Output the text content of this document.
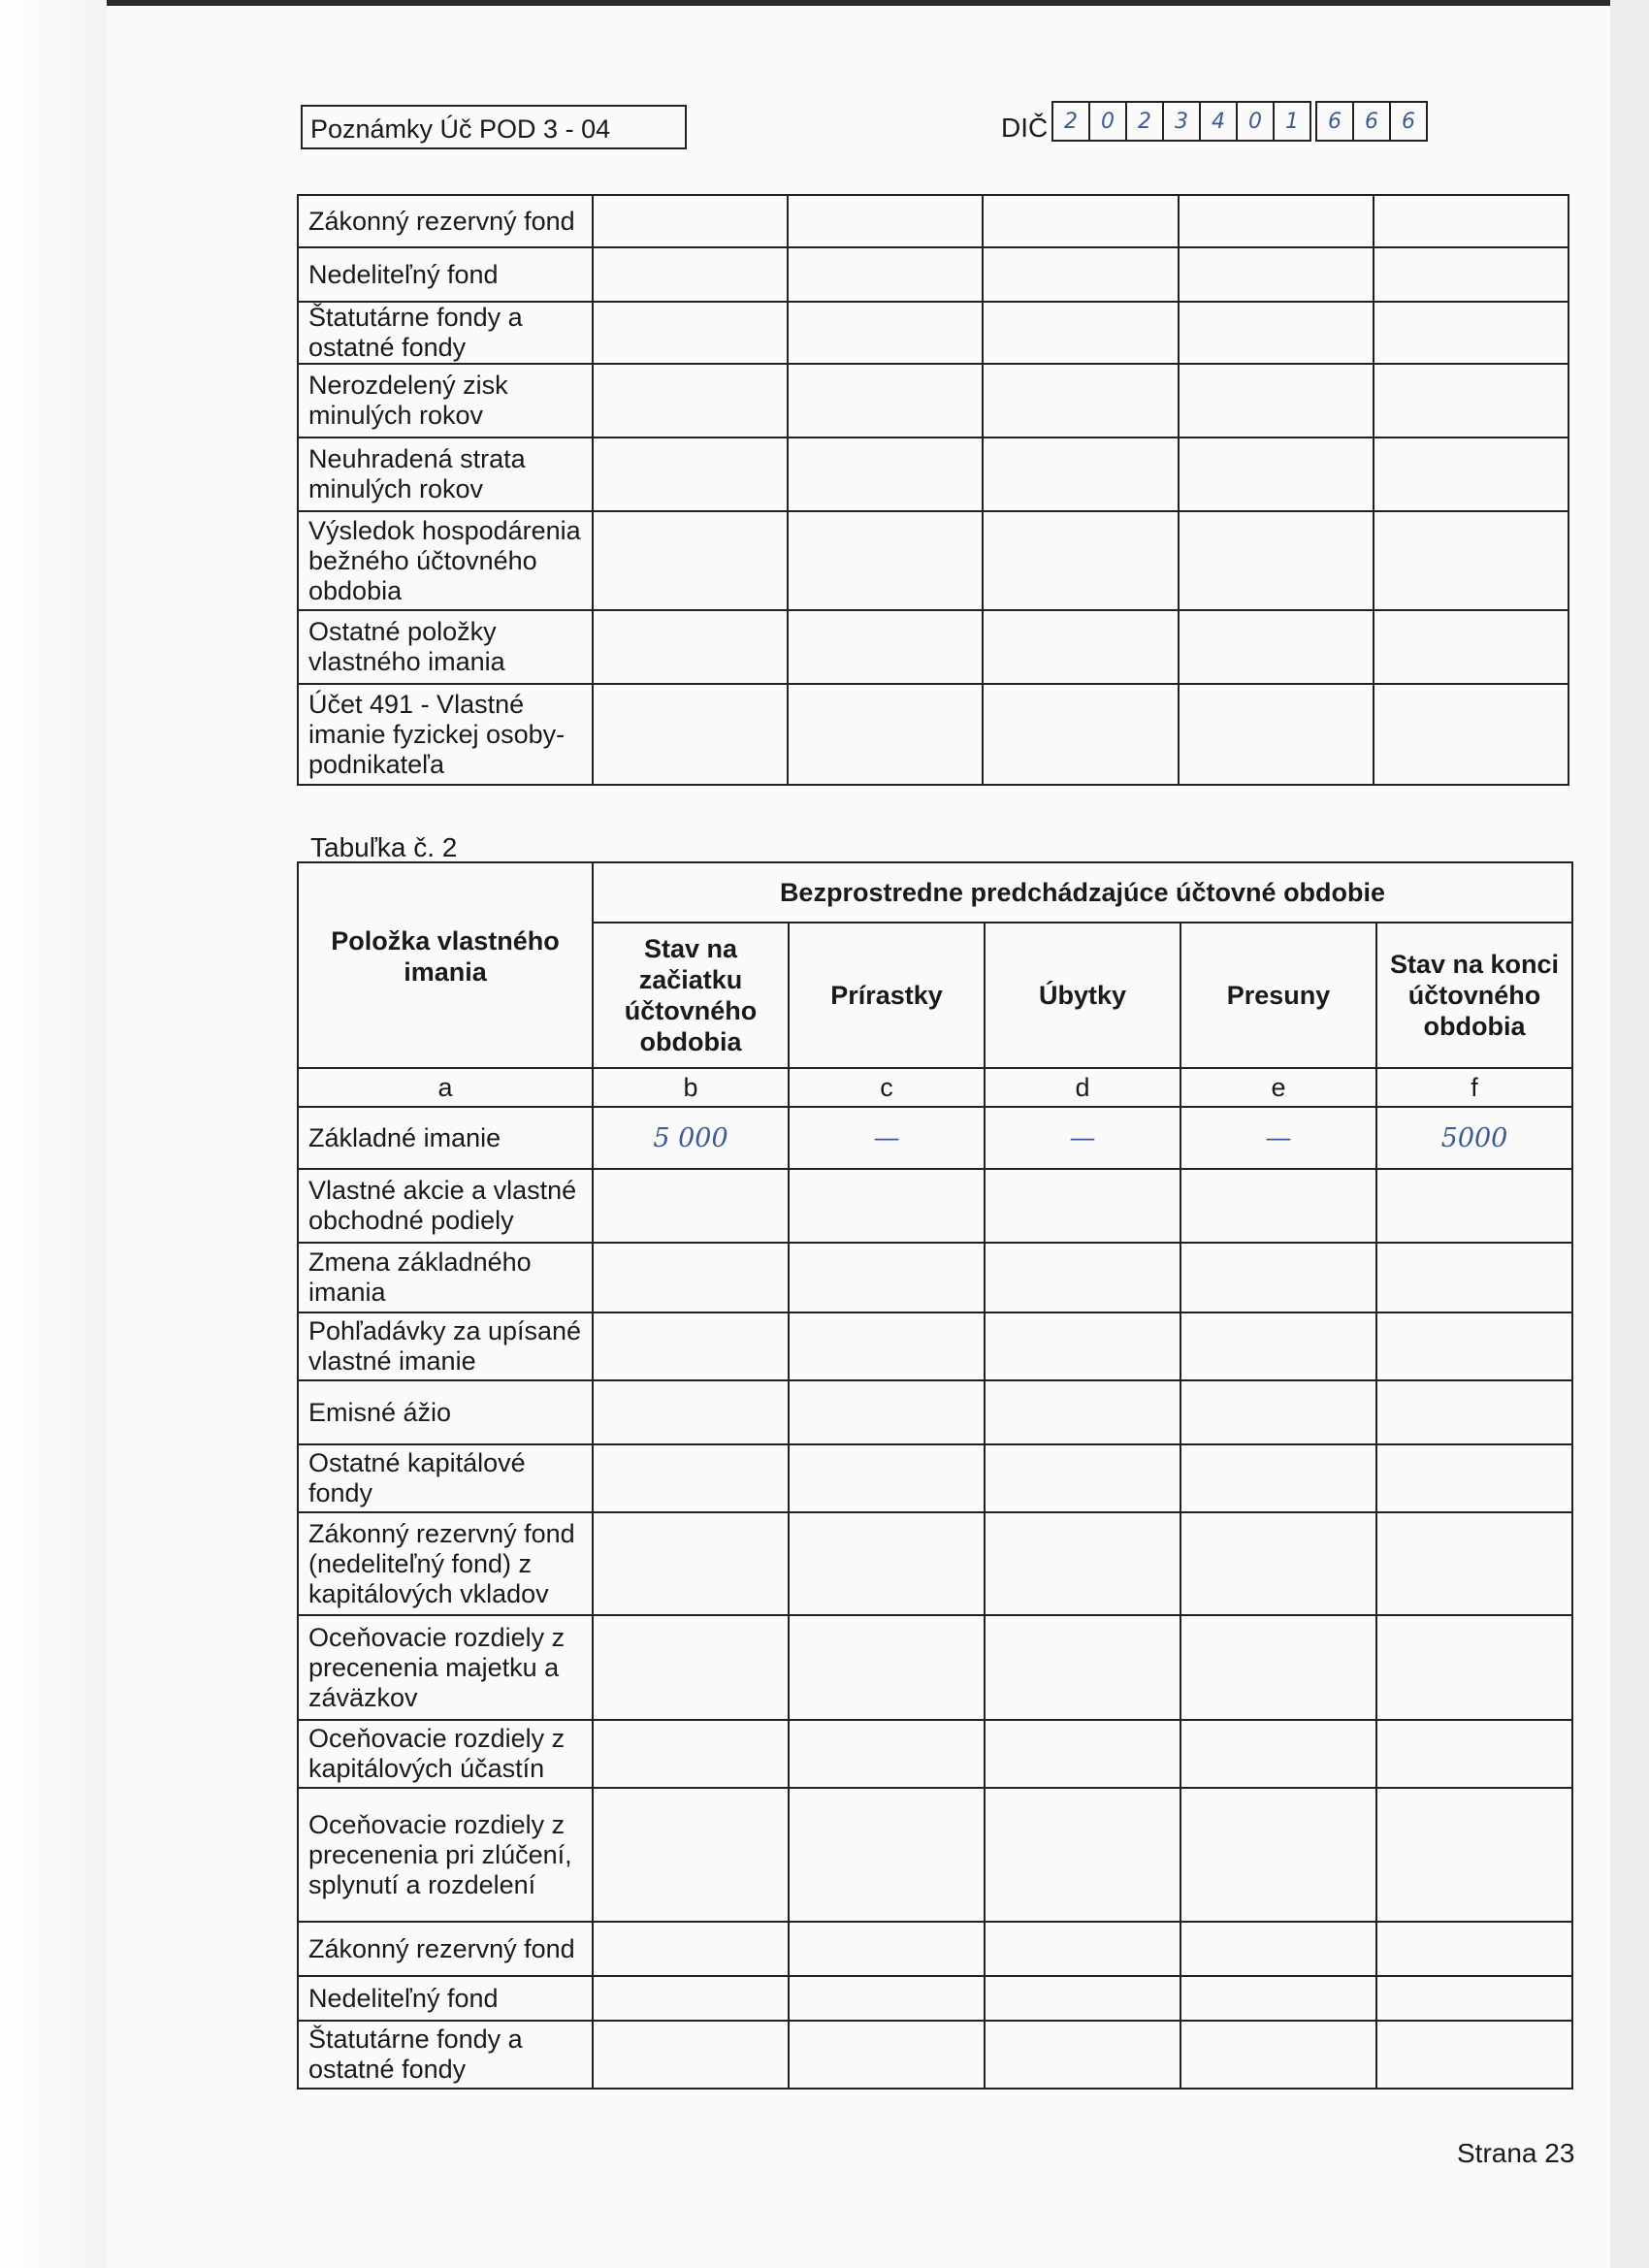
Poznámky Úč POD 3 - 04	DIČ 2	0	2	3	4	0	1	6	6	6
Zákonný rezervný fond					
Nedeliteľný fond					
Štatutárne fondy a ostatné fondy					
Nerozdelený zisk minulých rokov					
Neuhradená strata minulých rokov					
Výsledok hospodárenia bežného účtovného obdobia					
Ostatné položky vlastného imania					
Účet 491 - Vlastné imanie fyzickej osoby-podnikateľa					
Tabuľka č. 2
Položka vlastného imania	Bezprostredne predchádzajúce účtovné obdobie				
	Stav na začiatku účtovného obdobia	Prírastky	Úbytky	Presuny	Stav na konci účtovného obdobia
a	b	c	d	e	f
Základné imanie	5 000	—	—	—	5000
Vlastné akcie a vlastné obchodné podiely					
Zmena základného imania					
Pohľadávky za upísané vlastné imanie					
Emisné ážio					
Ostatné kapitálové fondy					
Zákonný rezervný fond (nedeliteľný fond) z kapitálových vkladov					
Oceňovacie rozdiely z precenenia majetku a záväzkov					
Oceňovacie rozdiely z kapitálových účastín					
Oceňovacie rozdiely z precenenia pri zlúčení, splynutí a rozdelení					
Zákonný rezervný fond					
Nedeliteľný fond					
Štatutárne fondy a ostatné fondy					
Strana 23
